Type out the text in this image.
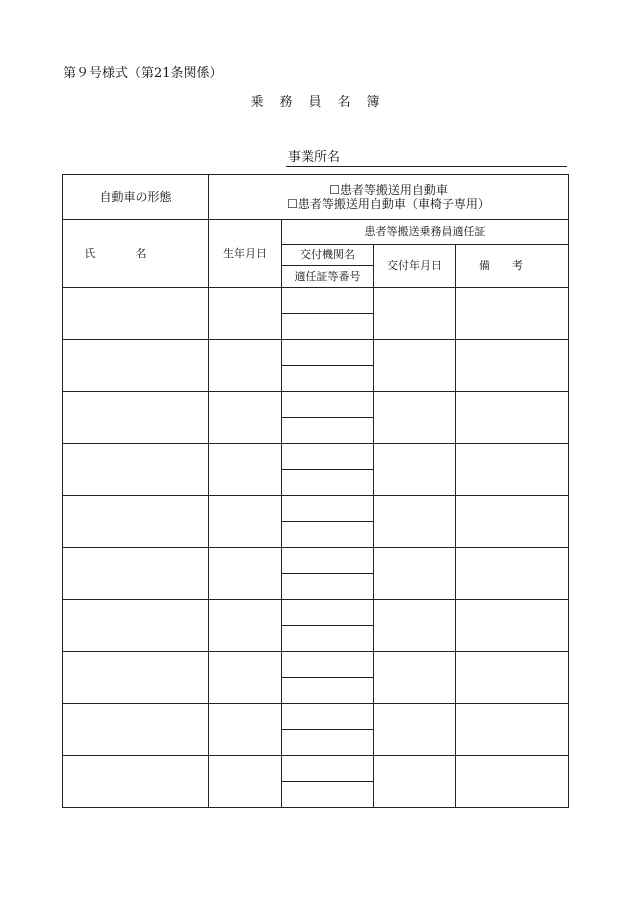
第９号様式（第21条関係）
乗務員名簿
事業所名
自動車の形態	☐患者等搬送用自動車
☐患者等搬送用自動車（車椅子専用）			

氏名	生年月日	患者等搬送乗務員適任証		
		交付機関名	交付年月日	備考
		適任証等番号		
